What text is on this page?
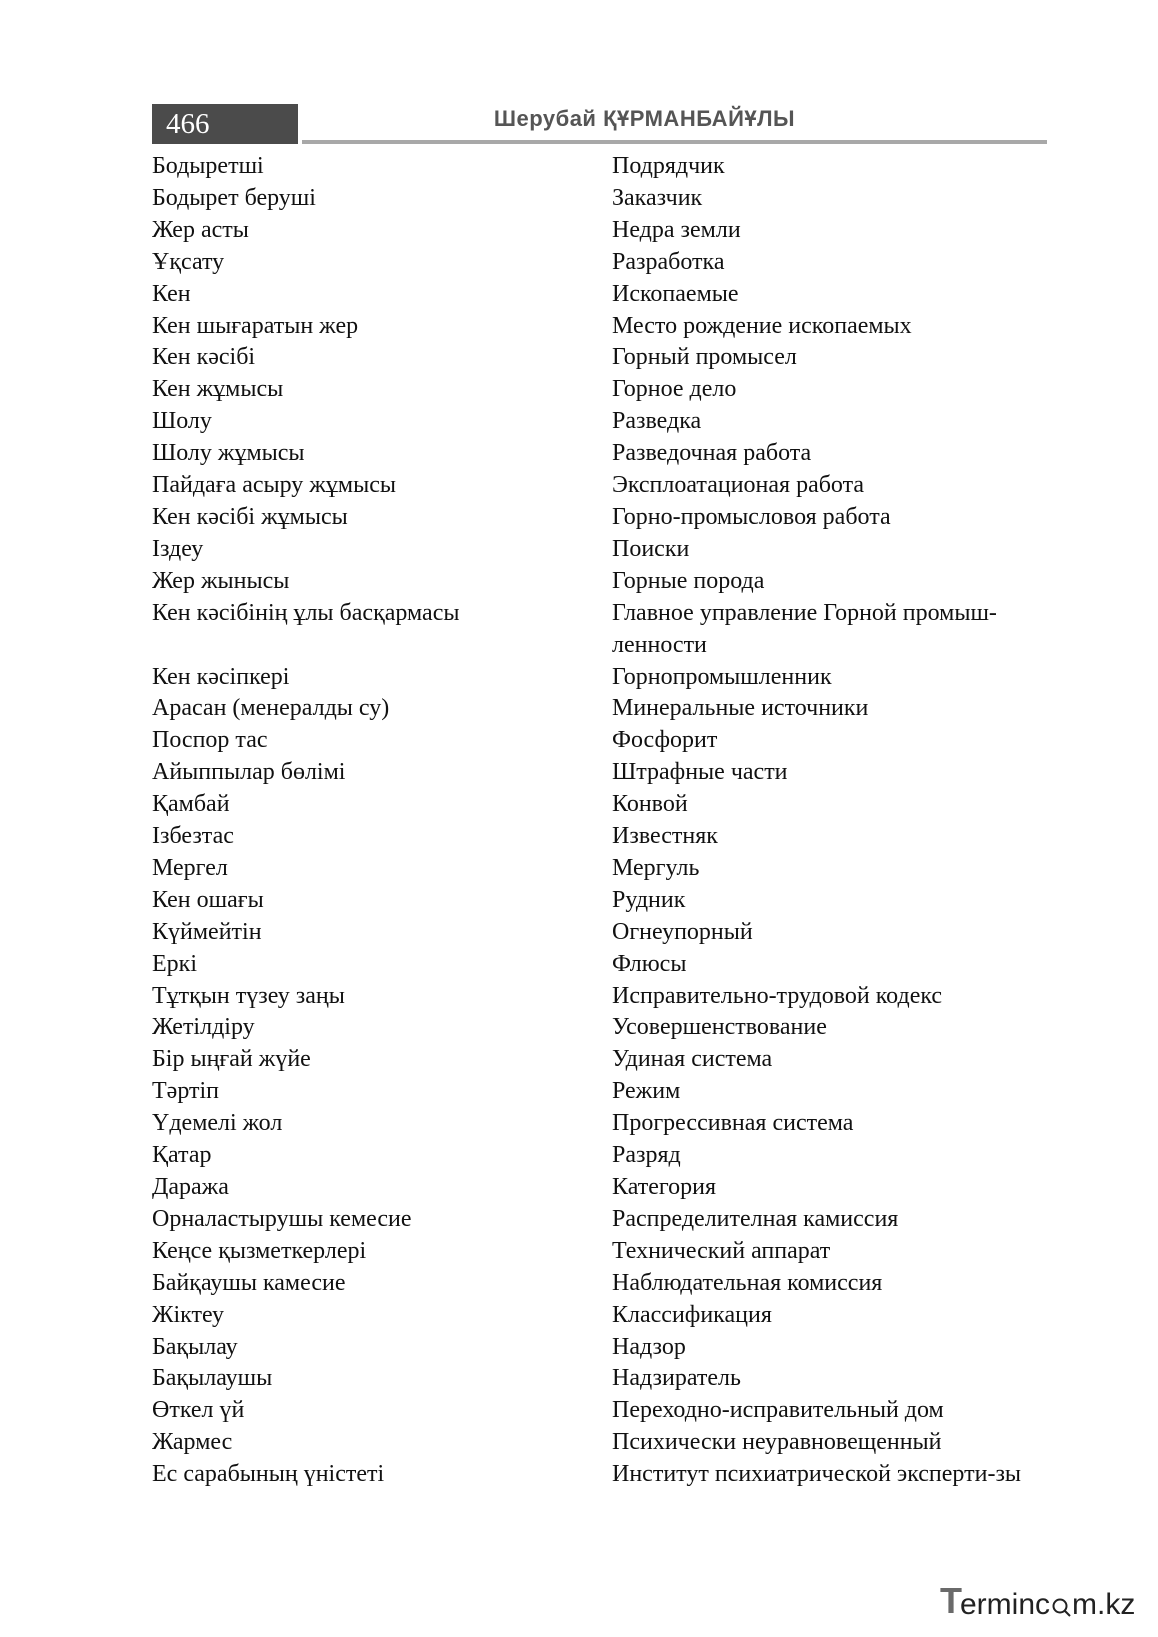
466	Шерубай ҚҰРМАНБАЙҰЛЫ
Бодыретші	Подрядчик
Бодырет беруші	Заказчик
Жер асты	Недра земли
Ұқсату	Разработка
Кен	Ископаемые
Кен шығаратын жер	Место рождение ископаемых
Кен кәсібі	Горный промысел
Кен жұмысы	Горное дело
Шолу	Разведка
Шолу жұмысы	Разведочная работа
Пайдаға асыру жұмысы	Эксплоатационая работа
Кен кәсібі жұмысы	Горно-промысловоя работа
Іздеу	Поиски
Жер жынысы	Горные порода
Кен кәсібінің ұлы басқармасы	Главное управление Горной промыш-ленности
Кен кәсіпкері	Горнопромышленник
Арасан (менералды су)	Минеральные источники
Поспор тас	Фосфорит
Айыппылар бөлімі	Штрафные части
Қамбай	Конвой
Ізбезтас	Известняк
Мергел	Мергуль
Кен ошағы	Рудник
Күймейтін	Огнеупорный
Еркі	Флюсы
Тұтқын түзеу заңы	Исправительно-трудовой кодекс
Жетілдіру	Усовершенствование
Бір ыңғай жүйе	Удиная система
Тәртіп	Режим
Үдемелі жол	Прогрессивная система
Қатар	Разряд
Даража	Категория
Орналастырушы кемесие	Распределителная камиссия
Кеңсе қызметкерлері	Технический аппарат
Байқаушы камесие	Наблюдательная комиссия
Жіктеу	Классификация
Бақылау	Надзор
Бақылаушы	Надзиратель
Өткел үй	Переходно-исправительный дом
Жармес	Психически неуравновещенный
Ес сарабының үністеті	Институт психиатрической эксперти-зы
T
erminc m.kz
